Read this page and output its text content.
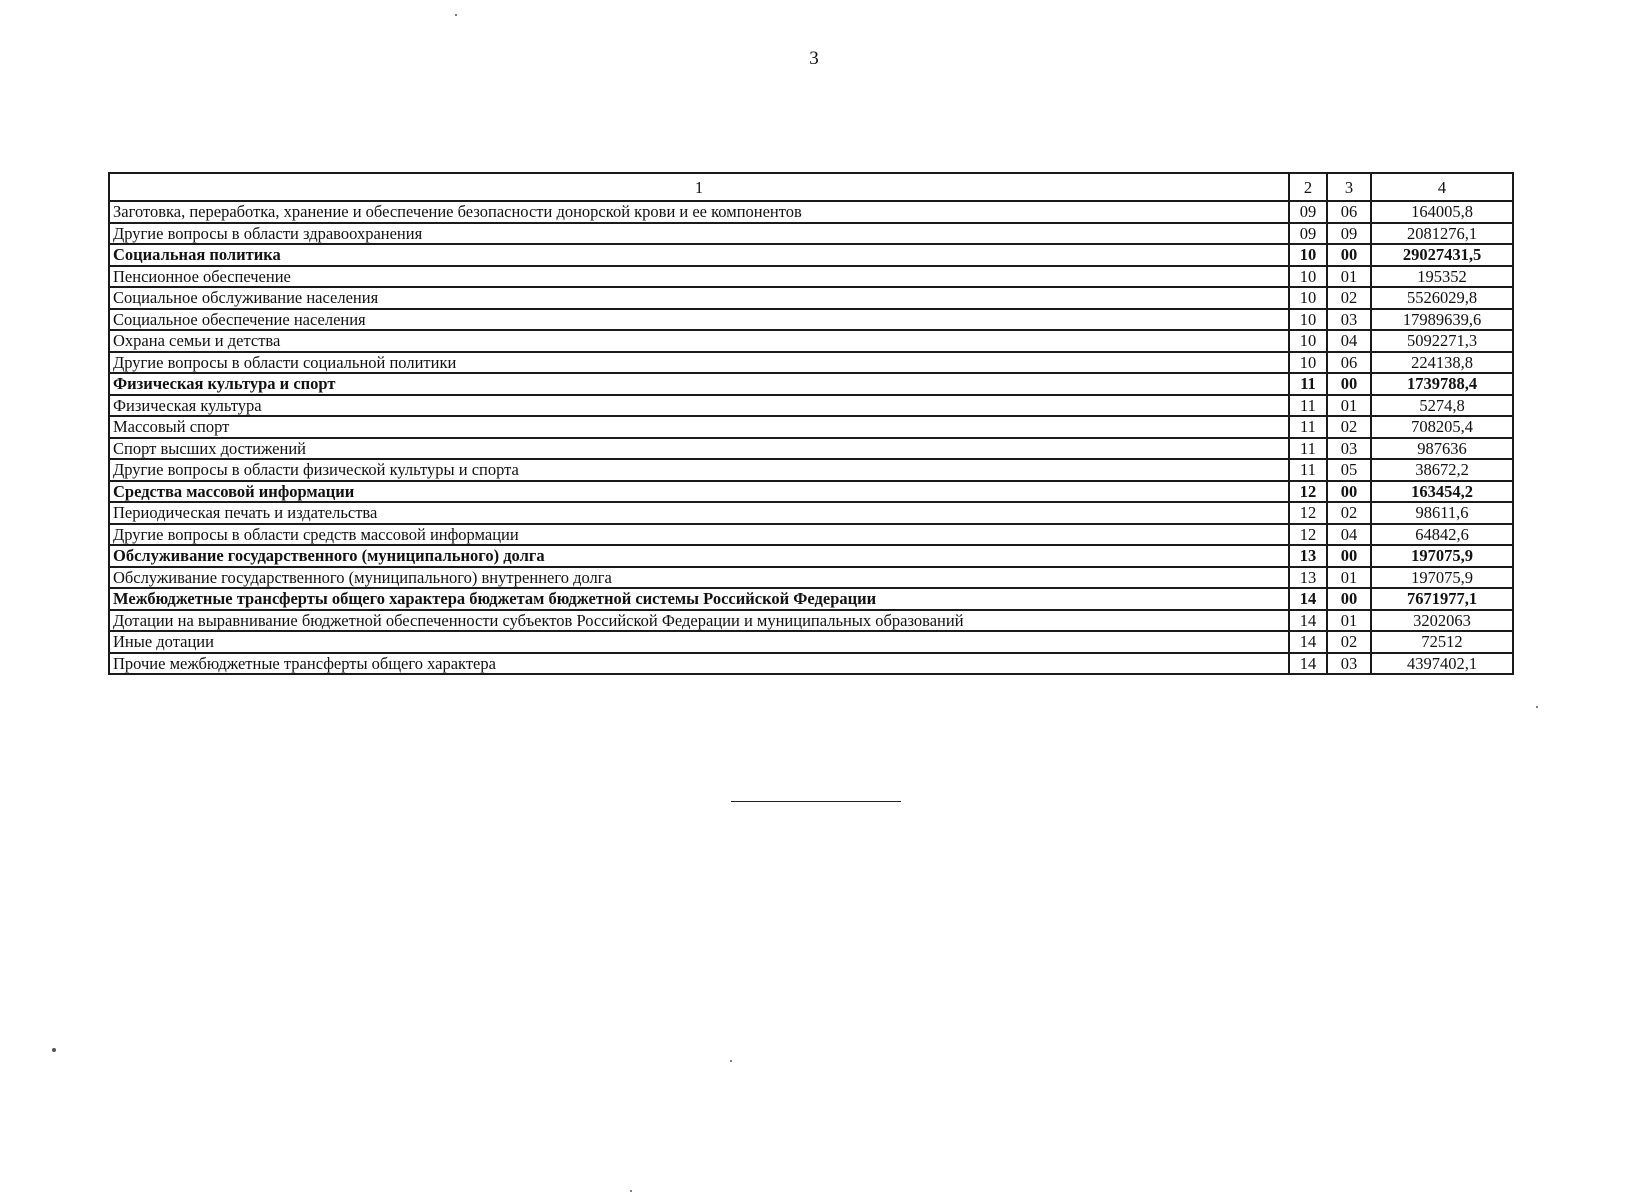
3
1	2	3	4
Заготовка, переработка, хранение и обеспечение безопасности донорской крови и ее компонентов	09	06	164005,8
Другие вопросы в области здравоохранения	09	09	2081276,1
Социальная политика	10	00	29027431,5
Пенсионное обеспечение	10	01	195352
Социальное обслуживание населения	10	02	5526029,8
Социальное обеспечение населения	10	03	17989639,6
Охрана семьи и детства	10	04	5092271,3
Другие вопросы в области социальной политики	10	06	224138,8
Физическая культура и спорт	11	00	1739788,4
Физическая культура	11	01	5274,8
Массовый спорт	11	02	708205,4
Спорт высших достижений	11	03	987636
Другие вопросы в области физической культуры и спорта	11	05	38672,2
Средства массовой информации	12	00	163454,2
Периодическая печать и издательства	12	02	98611,6
Другие вопросы в области средств массовой информации	12	04	64842,6
Обслуживание государственного (муниципального) долга	13	00	197075,9
Обслуживание государственного (муниципального) внутреннего долга	13	01	197075,9
Межбюджетные трансферты общего характера бюджетам бюджетной системы Российской Федерации	14	00	7671977,1
Дотации на выравнивание бюджетной обеспеченности субъектов Российской Федерации и муниципальных образований	14	01	3202063
Иные дотации	14	02	72512
Прочие межбюджетные трансферты общего характера	14	03	4397402,1
